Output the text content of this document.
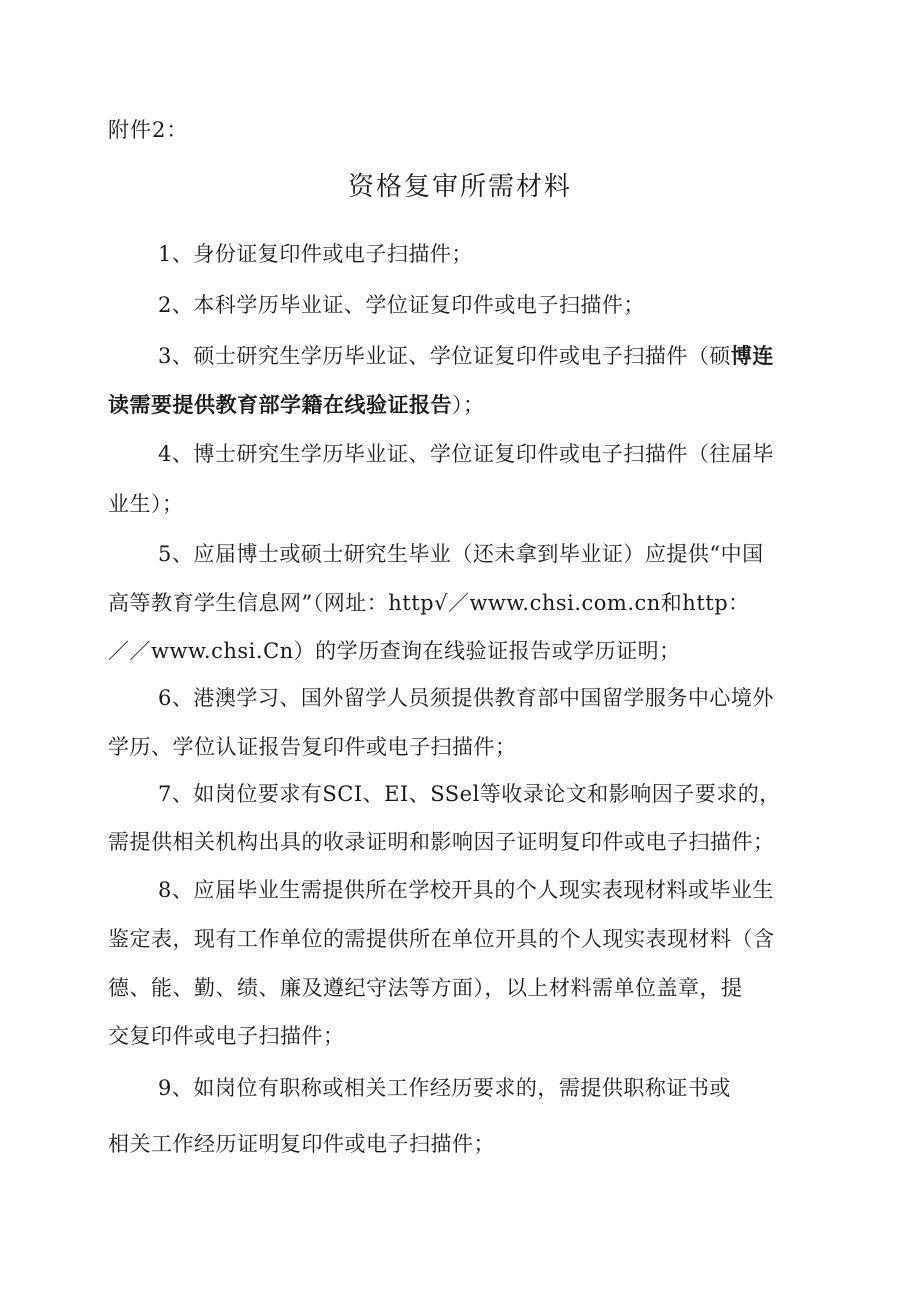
附件2：
资格复审所需材料
1、身份证复印件或电子扫描件；
2、本科学历毕业证、学位证复印件或电子扫描件；
3、硕士研究生学历毕业证、学位证复印件或电子扫描件（硕博连
读需要提供教育部学籍在线验证报告）；
4、博士研究生学历毕业证、学位证复印件或电子扫描件（往届毕
业生）；
5、应届博士或硕士研究生毕业（还未拿到毕业证）应提供“中国
高等教育学生信息网”（网址：http√／www.chsi.com.cn和http：
／／www.chsi.Cn）的学历查询在线验证报告或学历证明；
6、港澳学习、国外留学人员须提供教育部中国留学服务中心境外
学历、学位认证报告复印件或电子扫描件；
7、如岗位要求有SCI、EI、SSel等收录论文和影响因子要求的，
需提供相关机构出具的收录证明和影响因子证明复印件或电子扫描件；
8、应届毕业生需提供所在学校开具的个人现实表现材料或毕业生
鉴定表，现有工作单位的需提供所在单位开具的个人现实表现材料（含
德、能、勤、绩、廉及遵纪守法等方面），以上材料需单位盖章，提
交复印件或电子扫描件；
9、如岗位有职称或相关工作经历要求的，需提供职称证书或
相关工作经历证明复印件或电子扫描件；
